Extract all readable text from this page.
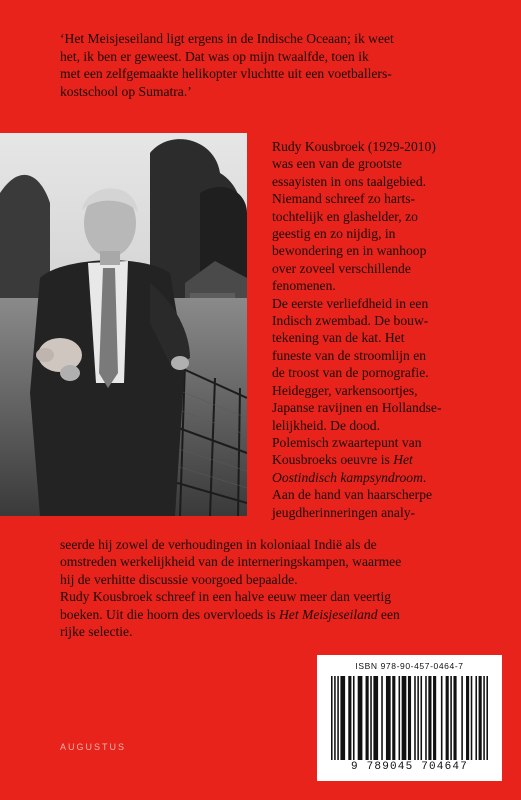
‘Het Meisjeseiland ligt ergens in de Indische Oceaan; ik weet
het, ik ben er geweest. Dat was op mijn twaalfde, toen ik
met een zelfgemaakte helikopter vluchtte uit een voetballers-
kostschool op Sumatra.’

Rudy Kousbroek (1929-2010)

was een van de grootste

essayisten in ons taalgebied.

Niemand schreef zo harts-

tochtelijk en glashelder, zo

geestig en zo nijdig, in

bewondering en in wanhoop

over zoveel verschillende

fenomenen.

De eerste verliefdheid in een

Indisch zwembad. De bouw-

tekening van de kat. Het

funeste van de stroomlijn en

de troost van de pornografie.

Heidegger, varkensoortjes,

Japanse ravijnen en Hollandse-

lelijkheid. De dood.

Polemisch zwaartepunt van

Kousbroeks oeuvre is Het

Oostindisch kampsyndroom.

Aan de hand van haarscherpe

jeugdherinneringen analy-

seerde hij zowel de verhoudingen in koloniaal Indië als de

omstreden werkelijkheid van de interneringskampen, waarmee

hij de verhitte discussie voorgoed bepaalde.

Rudy Kousbroek schreef in een halve eeuw meer dan veertig

boeken. Uit die hoorn des overvloeds is Het Meisjeseiland een

rijke selectie.

AUGUSTUS
ISBN 978-90-457-0464-7
9 789045 704647
